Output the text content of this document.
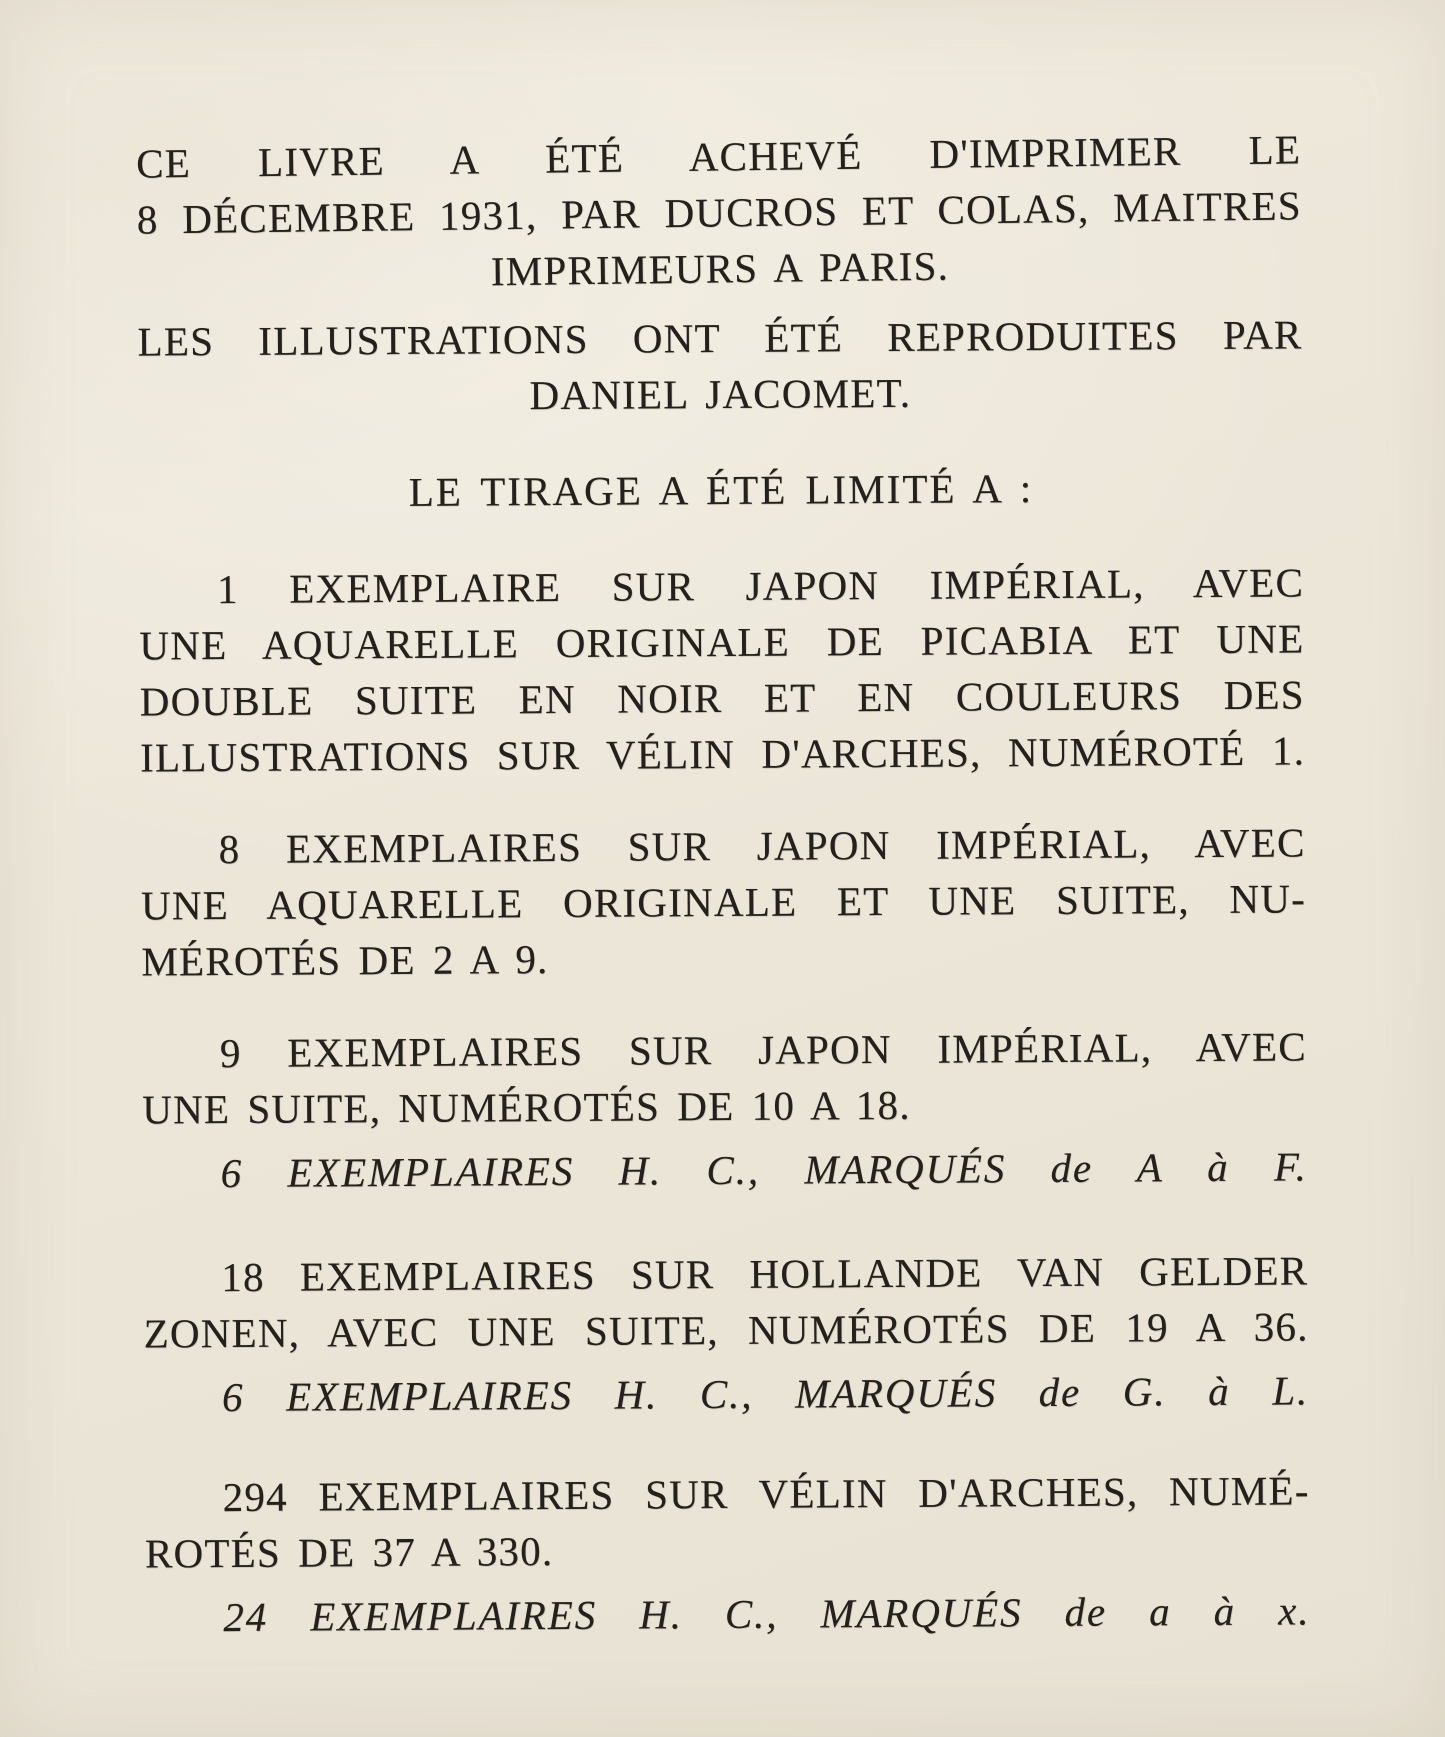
CE LIVRE A ÉTÉ ACHEVÉ D'IMPRIMER LE

8 DÉCEMBRE 1931, PAR DUCROS ET COLAS, MAITRES

IMPRIMEURS A PARIS.

LES ILLUSTRATIONS ONT ÉTÉ REPRODUITES PAR

DANIEL JACOMET.

LE TIRAGE A ÉTÉ LIMITÉ A :

1 EXEMPLAIRE SUR JAPON IMPÉRIAL, AVEC

UNE AQUARELLE ORIGINALE DE PICABIA ET UNE

DOUBLE SUITE EN NOIR ET EN COULEURS DES

ILLUSTRATIONS SUR VÉLIN D'ARCHES, NUMÉROTÉ 1.

8 EXEMPLAIRES SUR JAPON IMPÉRIAL, AVEC

UNE AQUARELLE ORIGINALE ET UNE SUITE, NU-

MÉROTÉS DE 2 A 9.

9 EXEMPLAIRES SUR JAPON IMPÉRIAL, AVEC

UNE SUITE, NUMÉROTÉS DE 10 A 18.

6 EXEMPLAIRES H. C., MARQUÉS de A à F.

18 EXEMPLAIRES SUR HOLLANDE VAN GELDER

ZONEN, AVEC UNE SUITE, NUMÉROTÉS DE 19 A 36.

6 EXEMPLAIRES H. C., MARQUÉS de G. à L.

294 EXEMPLAIRES SUR VÉLIN D'ARCHES, NUMÉ-

ROTÉS DE 37 A 330.

24 EXEMPLAIRES H. C., MARQUÉS de a à x.
